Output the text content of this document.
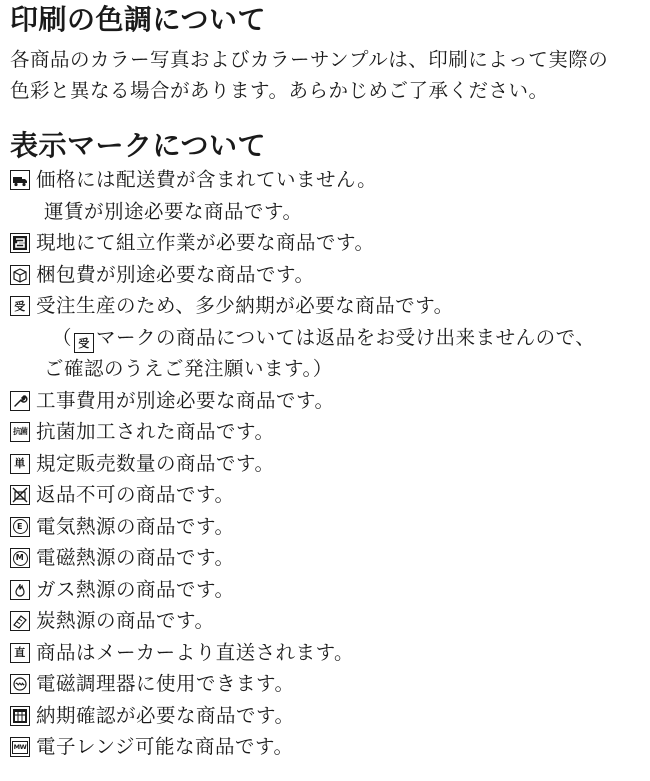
印刷の色調について

各商品のカラー写真およびカラーサンプルは、印刷によって実際の
色彩と異なる場合があります。あらかじめご了承ください。

表示マークについて
価格には配送費が含まれていません。
運賃が別途必要な商品です。
現地にて組立作業が必要な商品です。
梱包費が別途必要な商品です。
受 受注生産のため、多少納期が必要な商品です。
（ 受 マークの商品については返品をお受け出来ませんので、
ご確認のうえご発注願います。）
工事費用が別途必要な商品です。
抗菌 抗菌加工された商品です。
単 規定販売数量の商品です。
返品不可の商品です。
E 電気熱源の商品です。
M 電磁熱源の商品です。
ガス熱源の商品です。
炭熱源の商品です。
直 商品はメーカーより直送されます。
電磁調理器に使用できます。
納期確認が必要な商品です。
MW 電子レンジ可能な商品です。
